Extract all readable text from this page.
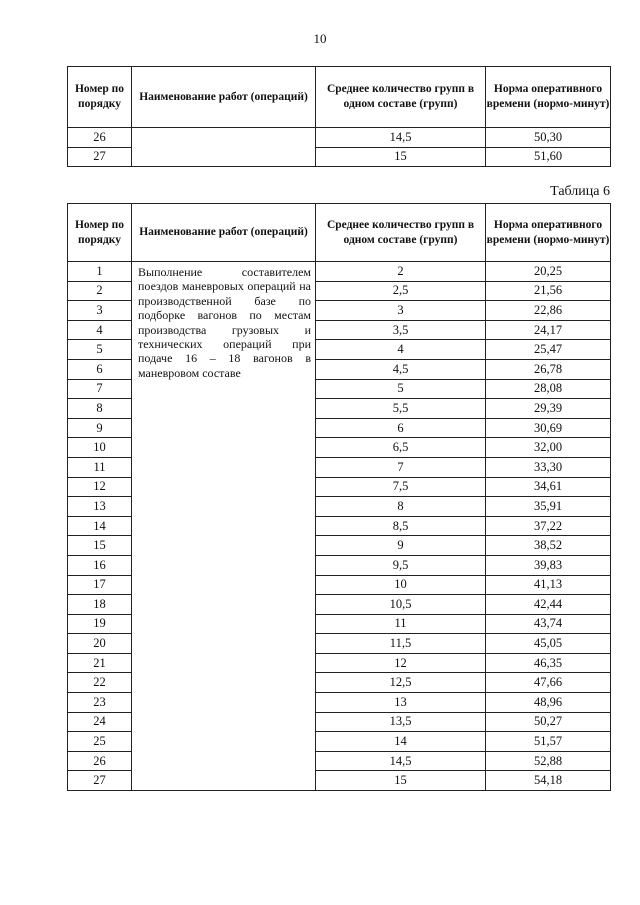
10
Номер по порядку	Наименование работ (операций)	Среднее количество групп в одном составе (групп)	Норма оперативного времени (нормо-минут)
26		14,5	50,30
27		15	51,60
Таблица 6
Номер по порядку	Наименование работ (операций)	Среднее количество групп в одном составе (групп)	Норма оперативного времени (нормо-минут)
1	Выполнение составителем поездов маневровых операций на производственной базе по подборке вагонов по местам производства грузовых и технических операций при подаче 16 – 18 вагонов в маневровом составе	2	20,25
2		2,5	21,56
3		3	22,86
4		3,5	24,17
5		4	25,47
6		4,5	26,78
7		5	28,08
8		5,5	29,39
9		6	30,69
10		6,5	32,00
11		7	33,30
12		7,5	34,61
13		8	35,91
14		8,5	37,22
15		9	38,52
16		9,5	39,83
17		10	41,13
18		10,5	42,44
19		11	43,74
20		11,5	45,05
21		12	46,35
22		12,5	47,66
23		13	48,96
24		13,5	50,27
25		14	51,57
26		14,5	52,88
27		15	54,18
